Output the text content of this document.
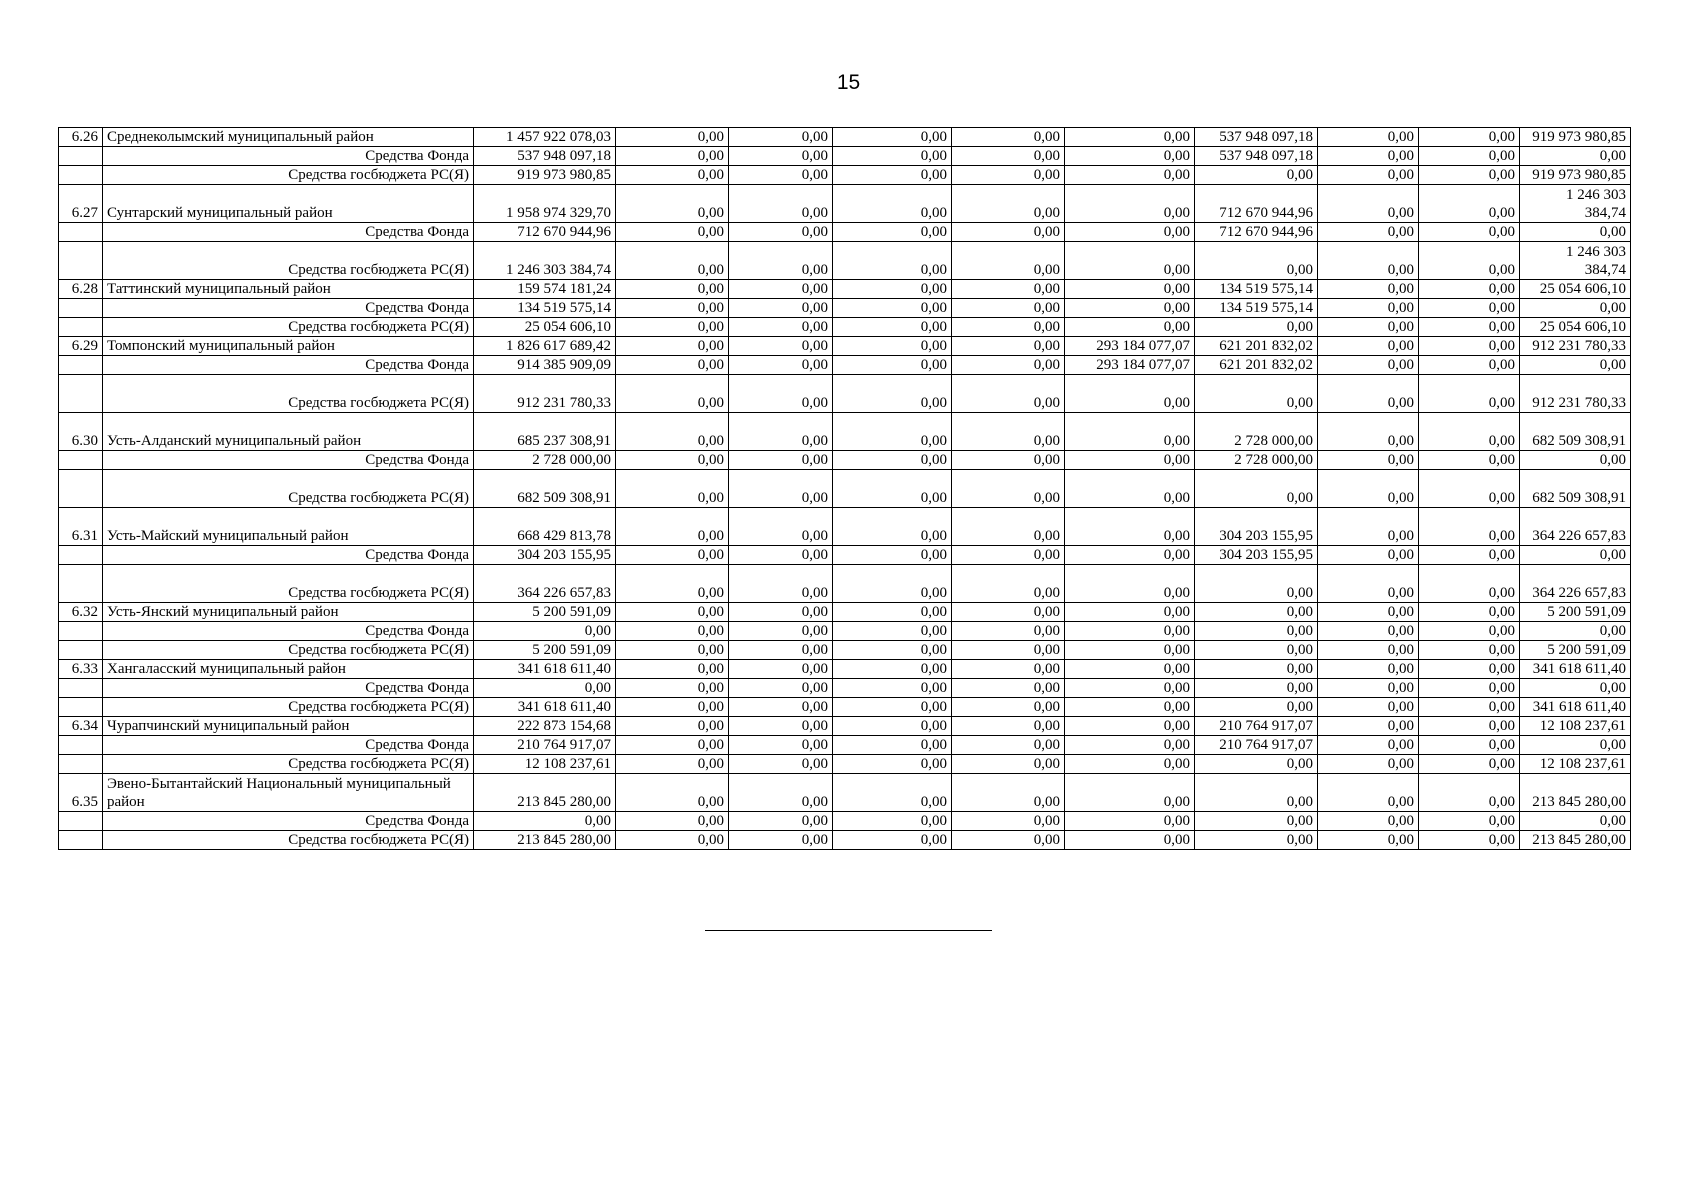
15
6.26	Среднеколымский муниципальный район	1 457 922 078,03	0,00	0,00	0,00	0,00	0,00	537 948 097,18	0,00	0,00	919 973 980,85
	Средства Фонда	537 948 097,18	0,00	0,00	0,00	0,00	0,00	537 948 097,18	0,00	0,00	0,00
	Средства госбюджета РС(Я)	919 973 980,85	0,00	0,00	0,00	0,00	0,00	0,00	0,00	0,00	919 973 980,85
6.27	Сунтарский муниципальный район	1 958 974 329,70	0,00	0,00	0,00	0,00	0,00	712 670 944,96	0,00	0,00	1 246 303 384,74
	Средства Фонда	712 670 944,96	0,00	0,00	0,00	0,00	0,00	712 670 944,96	0,00	0,00	0,00
	Средства госбюджета РС(Я)	1 246 303 384,74	0,00	0,00	0,00	0,00	0,00	0,00	0,00	0,00	1 246 303 384,74
6.28	Таттинский муниципальный район	159 574 181,24	0,00	0,00	0,00	0,00	0,00	134 519 575,14	0,00	0,00	25 054 606,10
	Средства Фонда	134 519 575,14	0,00	0,00	0,00	0,00	0,00	134 519 575,14	0,00	0,00	0,00
	Средства госбюджета РС(Я)	25 054 606,10	0,00	0,00	0,00	0,00	0,00	0,00	0,00	0,00	25 054 606,10
6.29	Томпонский муниципальный район	1 826 617 689,42	0,00	0,00	0,00	0,00	293 184 077,07	621 201 832,02	0,00	0,00	912 231 780,33
	Средства Фонда	914 385 909,09	0,00	0,00	0,00	0,00	293 184 077,07	621 201 832,02	0,00	0,00	0,00
	Средства госбюджета РС(Я)	912 231 780,33	0,00	0,00	0,00	0,00	0,00	0,00	0,00	0,00	912 231 780,33
6.30	Усть-Алданский муниципальный район	685 237 308,91	0,00	0,00	0,00	0,00	0,00	2 728 000,00	0,00	0,00	682 509 308,91
	Средства Фонда	2 728 000,00	0,00	0,00	0,00	0,00	0,00	2 728 000,00	0,00	0,00	0,00
	Средства госбюджета РС(Я)	682 509 308,91	0,00	0,00	0,00	0,00	0,00	0,00	0,00	0,00	682 509 308,91
6.31	Усть-Майский муниципальный район	668 429 813,78	0,00	0,00	0,00	0,00	0,00	304 203 155,95	0,00	0,00	364 226 657,83
	Средства Фонда	304 203 155,95	0,00	0,00	0,00	0,00	0,00	304 203 155,95	0,00	0,00	0,00
	Средства госбюджета РС(Я)	364 226 657,83	0,00	0,00	0,00	0,00	0,00	0,00	0,00	0,00	364 226 657,83
6.32	Усть-Янский муниципальный район	5 200 591,09	0,00	0,00	0,00	0,00	0,00	0,00	0,00	0,00	5 200 591,09
	Средства Фонда	0,00	0,00	0,00	0,00	0,00	0,00	0,00	0,00	0,00	0,00
	Средства госбюджета РС(Я)	5 200 591,09	0,00	0,00	0,00	0,00	0,00	0,00	0,00	0,00	5 200 591,09
6.33	Хангаласский муниципальный район	341 618 611,40	0,00	0,00	0,00	0,00	0,00	0,00	0,00	0,00	341 618 611,40
	Средства Фонда	0,00	0,00	0,00	0,00	0,00	0,00	0,00	0,00	0,00	0,00
	Средства госбюджета РС(Я)	341 618 611,40	0,00	0,00	0,00	0,00	0,00	0,00	0,00	0,00	341 618 611,40
6.34	Чурапчинский муниципальный район	222 873 154,68	0,00	0,00	0,00	0,00	0,00	210 764 917,07	0,00	0,00	12 108 237,61
	Средства Фонда	210 764 917,07	0,00	0,00	0,00	0,00	0,00	210 764 917,07	0,00	0,00	0,00
	Средства госбюджета РС(Я)	12 108 237,61	0,00	0,00	0,00	0,00	0,00	0,00	0,00	0,00	12 108 237,61
6.35	Эвено-Бытантайский Национальный муниципальный район	213 845 280,00	0,00	0,00	0,00	0,00	0,00	0,00	0,00	0,00	213 845 280,00
	Средства Фонда	0,00	0,00	0,00	0,00	0,00	0,00	0,00	0,00	0,00	0,00
	Средства госбюджета РС(Я)	213 845 280,00	0,00	0,00	0,00	0,00	0,00	0,00	0,00	0,00	213 845 280,00
